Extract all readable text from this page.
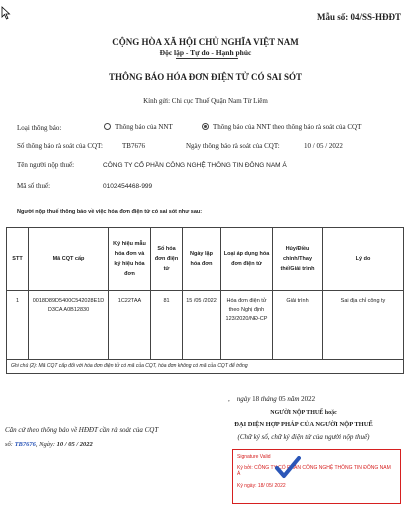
Mẫu số: 04/SS-HĐĐT
CỘNG HÒA XÃ HỘI CHỦ NGHĨA VIỆT NAM
Độc lập - Tự do - Hạnh phúc
THÔNG BÁO HÓA ĐƠN ĐIỆN TỬ CÓ SAI SÓT
Kính gửi: Chi cục Thuế Quận Nam Từ Liêm
Loại thông báo:	Thông báo của NNT	Thông báo của NNT theo thông báo rà soát của CQT
Số thông báo rà soát của CQT:	TB7676	Ngày thông báo rà soát của CQT:	10 / 05 / 2022
Tên người nộp thuế:	CÔNG TY CỔ PHẦN CÔNG NGHỆ THÔNG TIN ĐÔNG NAM Á
Mã số thuế:	0102454468-999
Người nộp thuế thông báo về việc hóa đơn điện tử có sai sót như sau:
STT	Mã CQT cấp	Ký hiệu mẫu hóa đơn và ký hiệu hóa đơn	Số hóa đơn điện tử	Ngày lập hóa đơn	Loại áp dụng hóa đơn điện tử	Hủy/Điều chỉnh/Thay thế/Giải trình	Lý do
1	0018D89D5400C542028E1DD3CA A0B12830	1C22TAA	81	15 /05 /2022	Hóa đơn điện tử theo Nghị định 123/2020/NĐ-CP	Giải trình	Sai địa chỉ công ty
Ghi chú (2): Mã CQT cấp đối với hóa đơn điện tử có mã của CQT, hóa đơn không có mã của CQT để trống							
, ngày 18 tháng 05 năm 2022
NGƯỜI NỘP THUẾ hoặc
ĐẠI DIỆN HỢP PHÁP CỦA NGƯỜI NỘP THUẾ
(Chữ ký số, chữ ký điện tử của người nộp thuế)
Căn cứ theo thông báo về HĐĐT cần rà soát của CQT
số: TB7676, Ngày: 10 / 05 / 2022
Signature Valid
Ký bởi: CÔNG TY CỔ PHẦN CÔNG NGHỆ THÔNG TIN ĐÔNG NAM Á
Ký ngày: 18/ 05/ 2022
